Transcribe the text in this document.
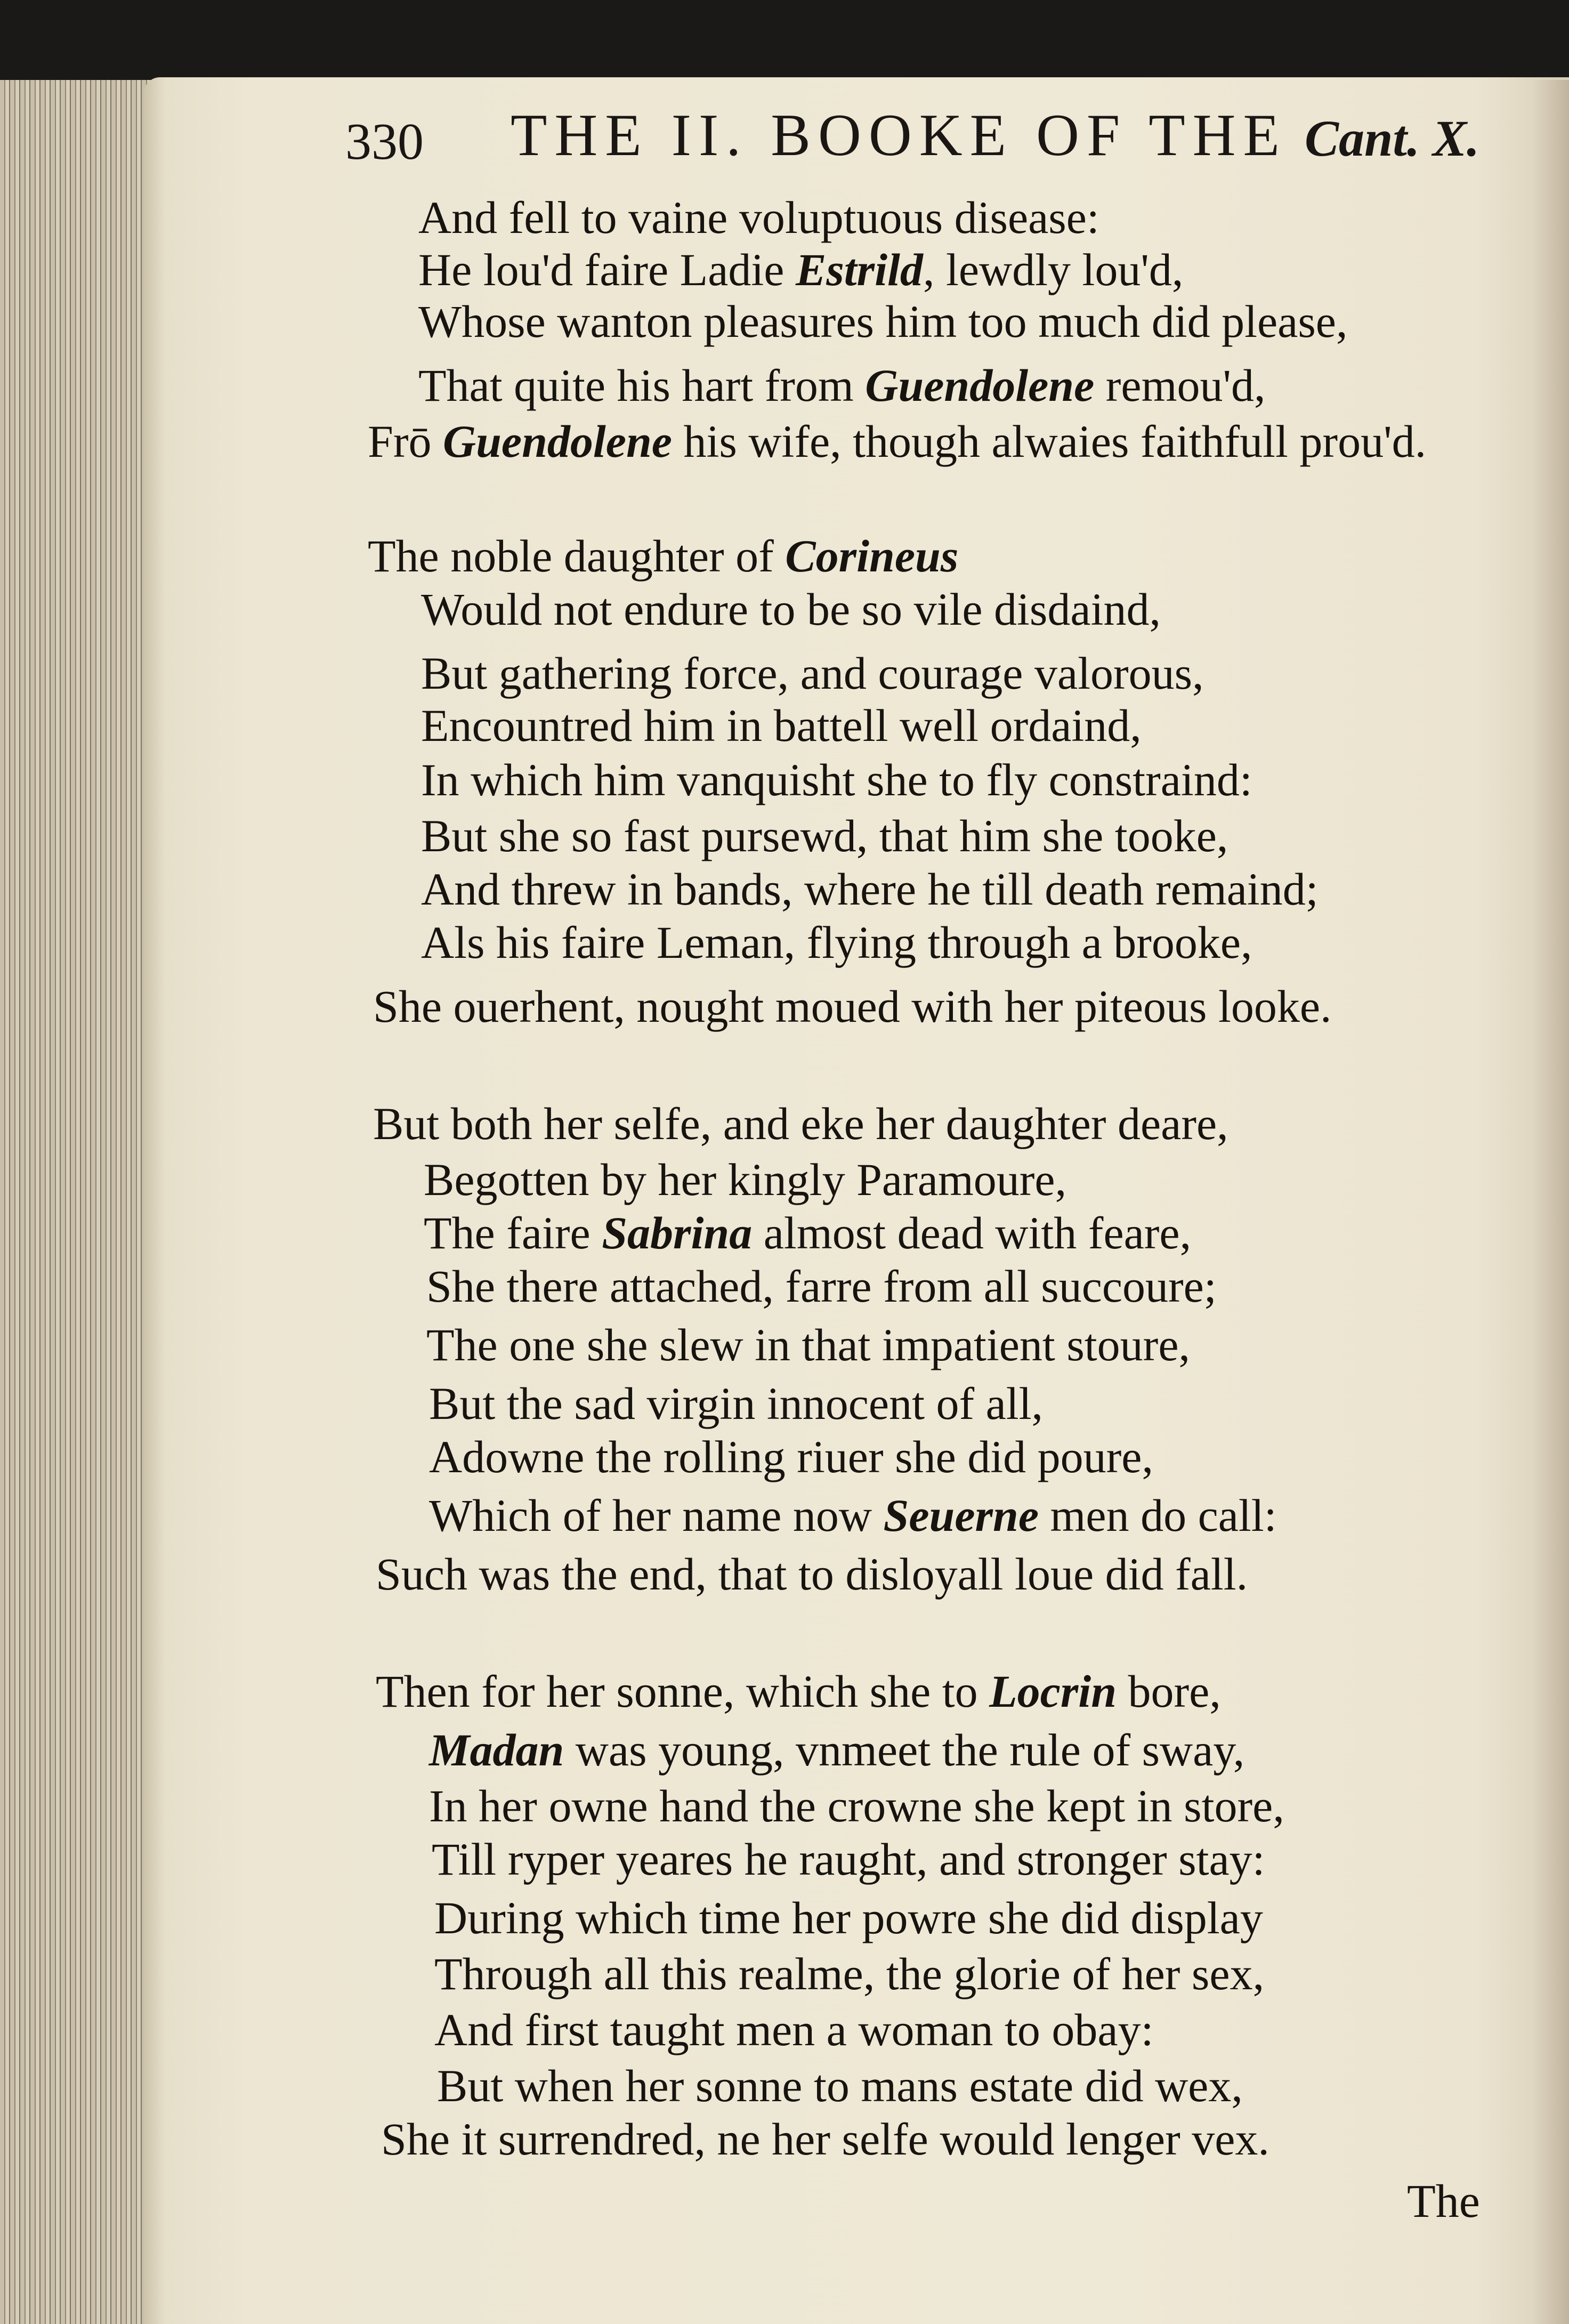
330 THE II. BOOKE OF THE Cant. X.
And fell to vaine voluptuous disease:
He lou'd faire Ladie Estrild, lewdly lou'd,
Whose wanton pleasures him too much did please,
That quite his hart from Guendolene remou'd,
Frō Guendolene his wife, though alwaies faithfull prou'd.
The noble daughter of Corineus
Would not endure to be so vile disdaind,
But gathering force, and courage valorous,
Encountred him in battell well ordaind,
In which him vanquisht she to fly constraind:
But she so fast pursewd, that him she tooke,
And threw in bands, where he till death remaind;
Als his faire Leman, flying through a brooke,
She ouerhent, nought moued with her piteous looke.
But both her selfe, and eke her daughter deare,
Begotten by her kingly Paramoure,
The faire Sabrina almost dead with feare,
She there attached, farre from all succoure;
The one she slew in that impatient stoure,
But the sad virgin innocent of all,
Adowne the rolling riuer she did poure,
Which of her name now Seuerne men do call:
Such was the end, that to disloyall loue did fall.
Then for her sonne, which she to Locrin bore,
Madan was young, vnmeet the rule of sway,
In her owne hand the crowne she kept in store,
Till ryper yeares he raught, and stronger stay:
During which time her powre she did display
Through all this realme, the glorie of her sex,
And first taught men a woman to obay:
But when her sonne to mans estate did wex,
She it surrendred, ne her selfe would lenger vex.
The
